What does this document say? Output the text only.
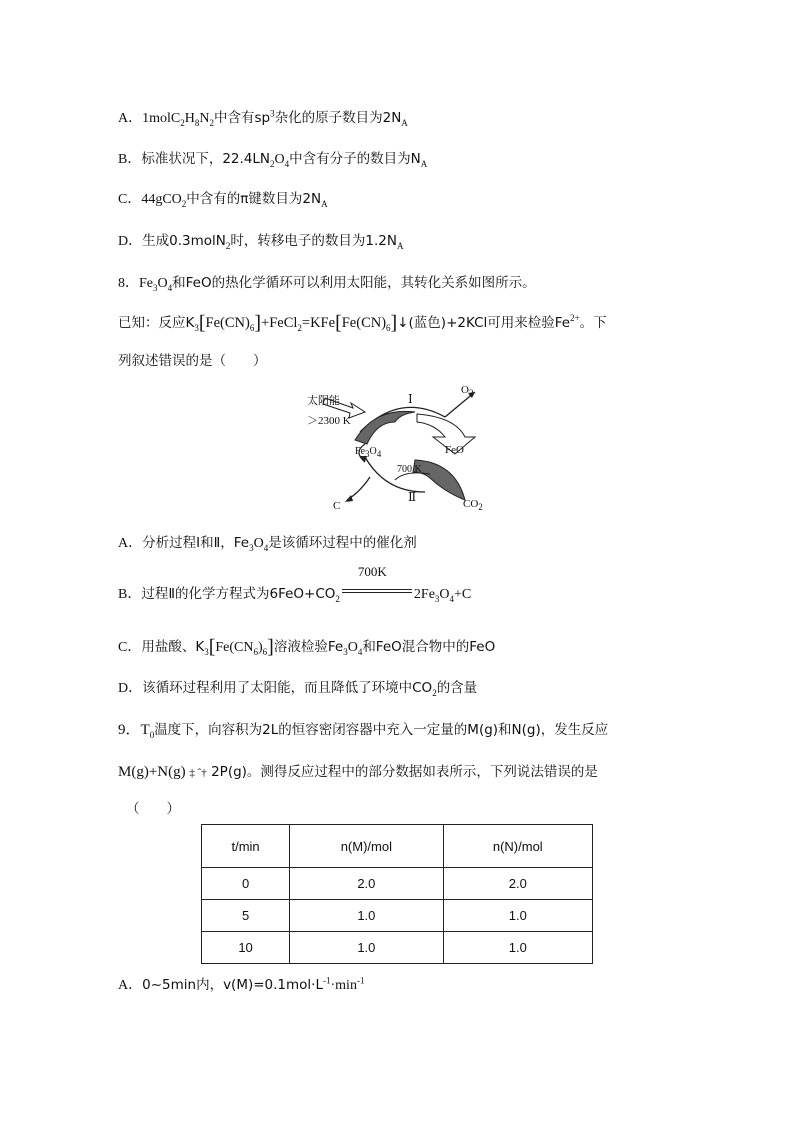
A．$1molC_2H_8N_2$中含有$sp^3$杂化的原子数目为$2N_A$
B．标准状况下，$22.4LN_2O_4$中含有分子的数目为$N_A$
C．44gCO$_2$中含有的π键数目为$2N_A$
D．生成0.3molN$_2$时，转移电子的数目为$1.2N_A$
8．$Fe_3O_4$和FeO的热化学循环可以利用太阳能，其转化关系如图所示。
已知：反应$K_3[Fe(CN)_6]+FeCl_2=KFe[Fe(CN)_6]↓$(蓝色)+2KCl可用来检验$Fe^{2+}$。下
列叙述错误的是（　　）
太阳能
＞2300 K
Ⅰ
$O_2$
$Fe_3O_4$	FeO
700 K
Ⅱ
C	$CO_2$
A．分析过程Ⅰ和Ⅱ，$Fe_3O_4$是该循环过程中的催化剂
B．过程Ⅱ的化学方程式为$6FeO+CO_2$
700K
$2Fe_3O_4+C$
C．用盐酸、$K_3[Fe(CN_6)_6]$溶液检验$Fe_3O_4$和FeO混合物中的FeO
D．该循环过程利用了太阳能，而且降低了环境中$CO_2$的含量
9．$T_0$温度下，向容积为2L的恒容密闭容器中充入一定量的M(g)和N(g)，发生反应
M(g)+N(g) ‡ ˆ† 2P(g)。测得反应过程中的部分数据如表所示，下列说法错误的是
（　　）
t/min	n(M)/mol	n(N)/mol
0	2.0	2.0
5	1.0	1.0
10	1.0	1.0
A．0~5min内，$v(M)=0.1mol\cdot L^{-1}\cdot\min^{-1}$
